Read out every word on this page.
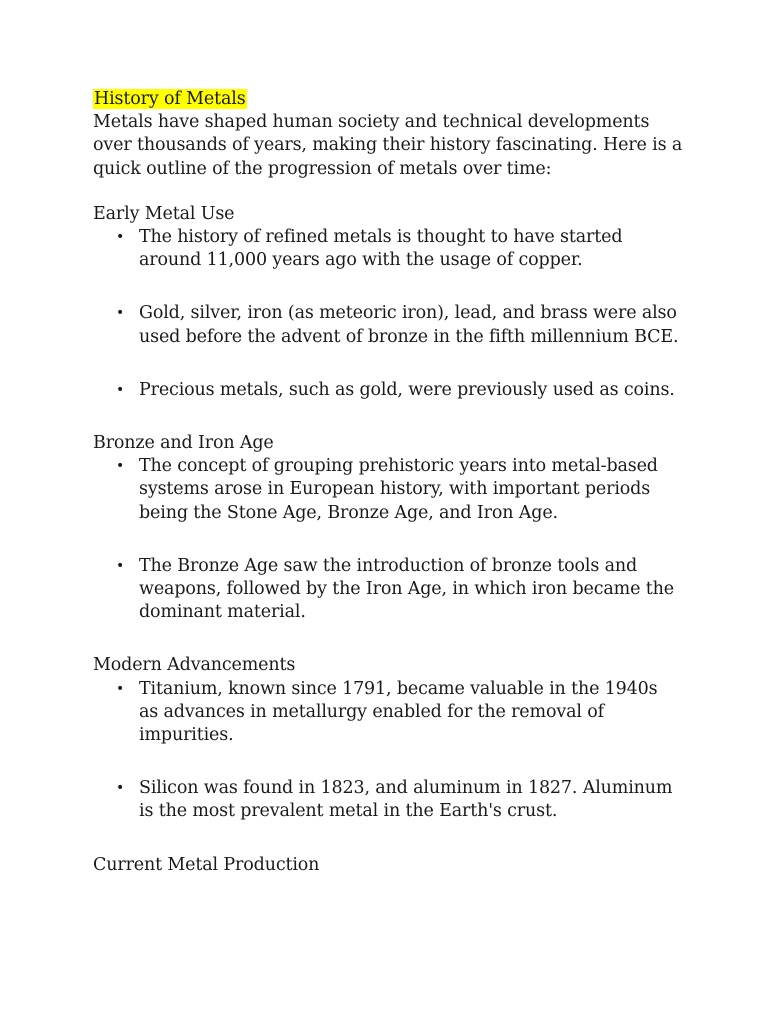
History of Metals

Metals have shaped human society and technical developments over thousands of years, making their history fascinating. Here is a quick outline of the progression of metals over time:

Early Metal Use

• The history of refined metals is thought to have started around 11,000 years ago with the usage of copper.
• Gold, silver, iron (as meteoric iron), lead, and brass were also used before the advent of bronze in the fifth millennium BCE.
• Precious metals, such as gold, were previously used as coins.

Bronze and Iron Age

• The concept of grouping prehistoric years into metal-based systems arose in European history, with important periods being the Stone Age, Bronze Age, and Iron Age.
• The Bronze Age saw the introduction of bronze tools and weapons, followed by the Iron Age, in which iron became the dominant material.

Modern Advancements

• Titanium, known since 1791, became valuable in the 1940s as advances in metallurgy enabled for the removal of impurities.
• Silicon was found in 1823, and aluminum in 1827. Aluminum is the most prevalent metal in the Earth's crust.

Current Metal Production
